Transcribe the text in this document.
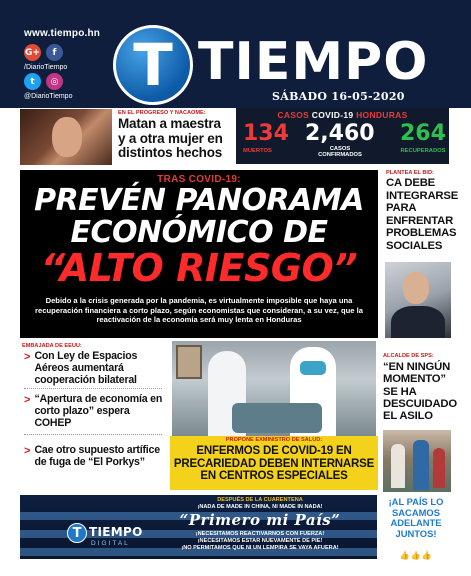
www.tiempo.hn
G+	f
/DiarioTiempo
t	◎
@DiarioTiempo	T TIEMPO
SÁBADO 16-05-2020
EN EL PROGRESO Y NACAOME:
Matan a maestra y a otra mujer en distintos hechos
CASOS COVID-19 HONDURAS
134
MUERTOS
2,460
CASOS CONFIRMADOS
264
RECUPERADOS
TRAS COVID-19:
PREVÉN PANORAMA
ECONÓMICO DE
“ALTO RIESGO”
Debido a la crisis generada por la pandemia, es virtualmente imposible que haya una recuperación financiera a corto plazo, según economistas que consideran, a su vez, que la reactivación de la economía será muy lenta en Honduras
PLANTEA EL BID:
CA DEBE INTEGRARSE PARA ENFRENTAR PROBLEMAS SOCIALES
ALCALDE DE SPS:
“EN NINGÚN MOMENTO” SE HA DESCUIDADO EL ASILO
EMBAJADA DE EEUU:
> Con Ley de Espacios Aéreos aumentará cooperación bilateral
> “Apertura de economía en corto plazo” espera COHEP
> Cae otro supuesto artífice de fuga de “El Porkys”
PROPONE EXMINISTRO DE SALUD:
ENFERMOS DE COVID-19 EN PRECARIEDAD DEBEN INTERNARSE EN CENTROS ESPECIALES
T TIEMPO
DIGITAL
DESPUÉS DE LA CUARENTENA
¡NADA DE MADE IN CHINA, NI MADE IN NADA!
“Primero mi País”
¡NECESITAMOS REACTIVARNOS CON FUERZA!
¡NECESITAMOS ESTAR NUEVAMENTE DE PIE!
¡NO PERMITAMOS QUE NI UN LEMPIRA SE VAYA AFUERA!
¡AL PAÍS LO SACAMOS ADELANTE JUNTOS!
👍👍👍
